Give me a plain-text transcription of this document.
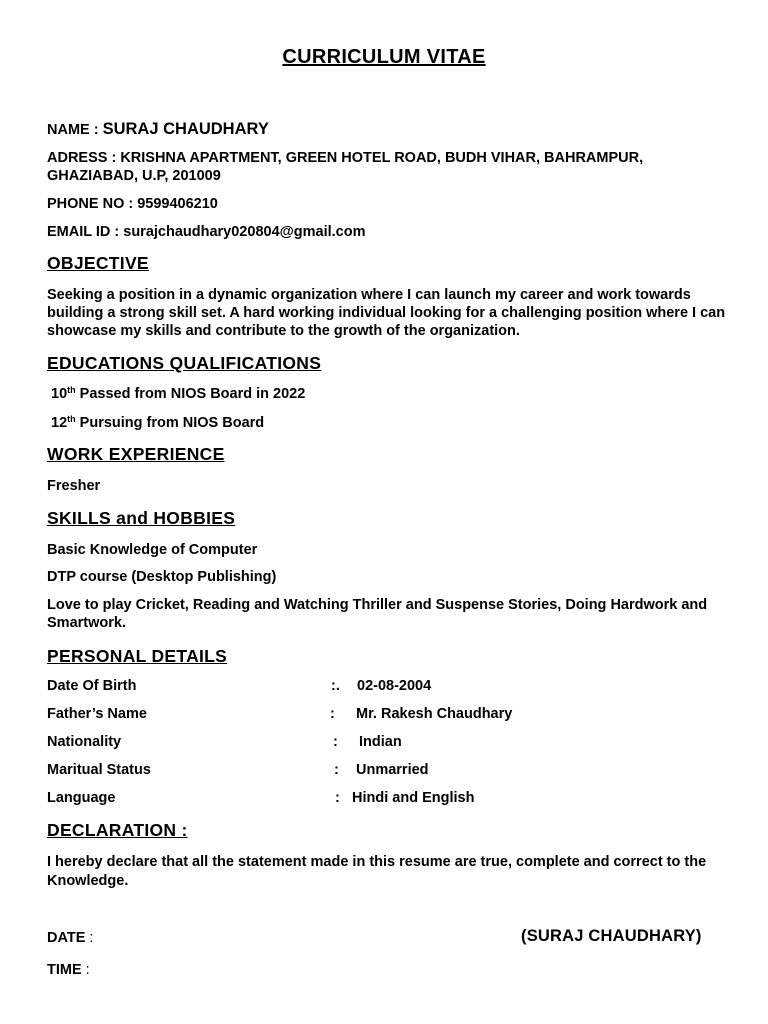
CURRICULUM VITAE
NAME : SURAJ CHAUDHARY
ADRESS : KRISHNA APARTMENT, GREEN HOTEL ROAD, BUDH VIHAR, BAHRAMPUR,
GHAZIABAD, U.P, 201009
PHONE NO : 9599406210
EMAIL ID : surajchaudhary020804@gmail.com
OBJECTIVE
Seeking a position in a dynamic organization where I can launch my career and work towards building a strong skill set. A hard working individual looking for a challenging position where I can showcase my skills and contribute to the growth of the organization.
EDUCATIONS QUALIFICATIONS
10th Passed from NIOS Board in 2022
12th Pursuing from NIOS Board
WORK EXPERIENCE
Fresher
SKILLS and HOBBIES
Basic Knowledge of Computer
DTP course (Desktop Publishing)
Love to play Cricket, Reading and Watching Thriller and Suspense Stories, Doing Hardwork and Smartwork.
PERSONAL DETAILS
Date Of Birth	:. 02-08-2004
Father’s Name	: Mr. Rakesh Chaudhary
Nationality	: Indian
Maritual Status	: Unmarried
Language	: Hindi and English
DECLARATION :
I hereby declare that all the statement made in this resume are true, complete and correct to the Knowledge.
DATE :	(SURAJ CHAUDHARY)
TIME :
